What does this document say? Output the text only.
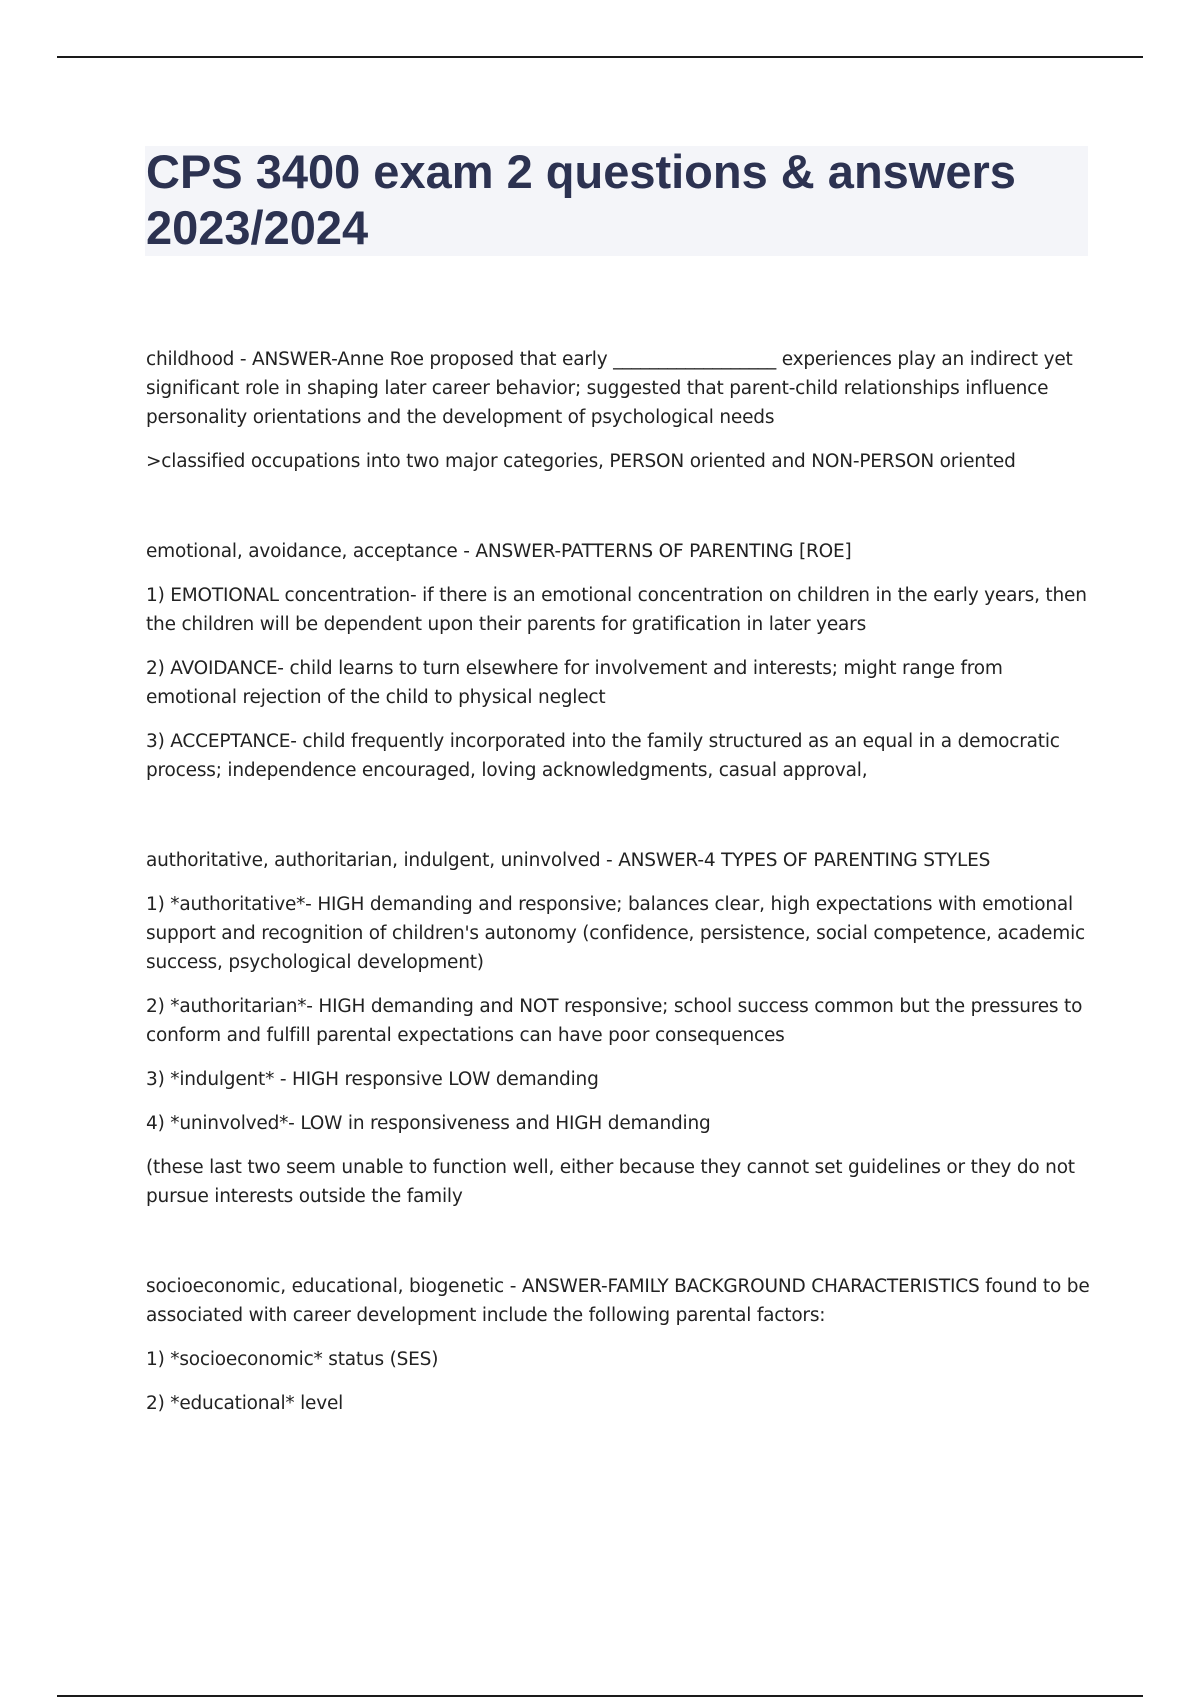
CPS 3400 exam 2 questions & answers 2023/2024

childhood - ANSWER-Anne Roe proposed that early __________________ experiences play an indirect yet significant role in shaping later career behavior; suggested that parent-child relationships influence personality orientations and the development of psychological needs

>classified occupations into two major categories, PERSON oriented and NON-PERSON oriented

emotional, avoidance, acceptance - ANSWER-PATTERNS OF PARENTING [ROE]

1) EMOTIONAL concentration- if there is an emotional concentration on children in the early years, then the children will be dependent upon their parents for gratification in later years

2) AVOIDANCE- child learns to turn elsewhere for involvement and interests; might range from emotional rejection of the child to physical neglect

3) ACCEPTANCE- child frequently incorporated into the family structured as an equal in a democratic process; independence encouraged, loving acknowledgments, casual approval,

authoritative, authoritarian, indulgent, uninvolved - ANSWER-4 TYPES OF PARENTING STYLES

1) *authoritative*- HIGH demanding and responsive; balances clear, high expectations with emotional support and recognition of children's autonomy (confidence, persistence, social competence, academic success, psychological development)

2) *authoritarian*- HIGH demanding and NOT responsive; school success common but the pressures to conform and fulfill parental expectations can have poor consequences

3) *indulgent* - HIGH responsive LOW demanding

4) *uninvolved*- LOW in responsiveness and HIGH demanding

(these last two seem unable to function well, either because they cannot set guidelines or they do not pursue interests outside the family

socioeconomic, educational, biogenetic - ANSWER-FAMILY BACKGROUND CHARACTERISTICS found to be associated with career development include the following parental factors:

1) *socioeconomic* status (SES)

2) *educational* level
